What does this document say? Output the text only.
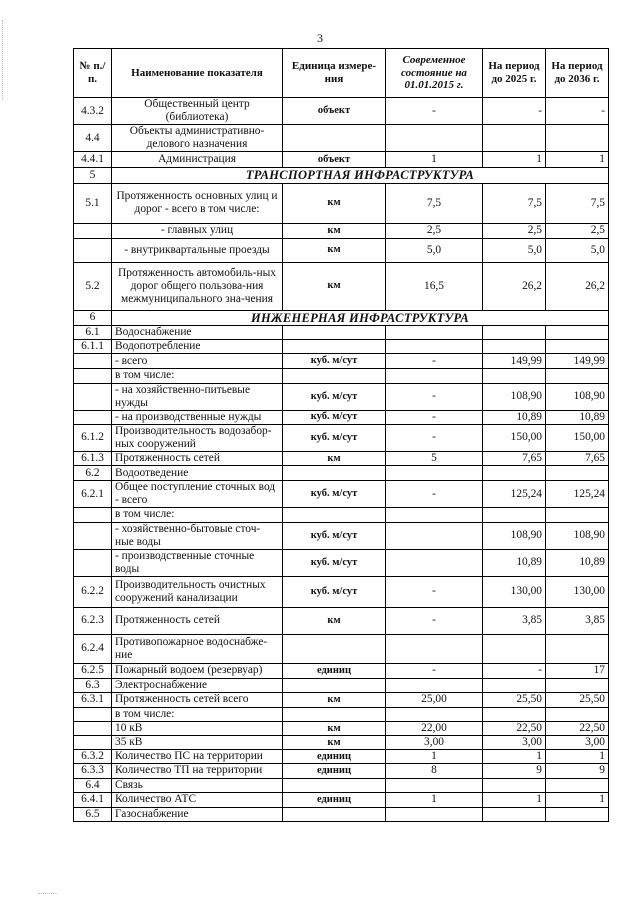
3
№ п./п.	Наименование показателя	Единица измере-ния	Современное состояние на 01.01.2015 г.	На период до 2025 г.	На период до 2036 г.
4.3.2	Общественный центр (библиотека)	объект	-	-	-
4.4	Объекты административно-делового назначения				
4.4.1	Администрация	объект	1	1	1
5	ТРАНСПОРТНАЯ ИНФРАСТРУКТУРА				
5.1	Протяженность основных улиц и дорог - всего в том числе:	км	7,5	7,5	7,5
	- главных улиц	км	2,5	2,5	2,5
	- внутриквартальные проезды	км	5,0	5,0	5,0
5.2	Протяженность автомобиль-ных дорог общего пользова-ния межмуниципального зна-чения	км	16,5	26,2	26,2
6	ИНЖЕНЕРНАЯ ИНФРАСТРУКТУРА				
6.1	Водоснабжение				
6.1.1	Водопотребление				
	- всего	куб. м/сут	-	149,99	149,99
	в том числе:				
	- на хозяйственно-питьевые нужды	куб. м/сут	-	108,90	108,90
	- на производственные нужды	куб. м/сут	-	10,89	10,89
6.1.2	Производительность водозабор-ных сооружений	куб. м/сут	-	150,00	150,00
6.1.3	Протяженность сетей	км	5	7,65	7,65
6.2	Водоотведение				
6.2.1	Общее поступление сточных вод - всего	куб. м/сут	-	125,24	125,24
	в том числе:				
	- хозяйственно-бытовые сточ-ные воды	куб. м/сут		108,90	108,90
	- производственные сточные воды	куб. м/сут		10,89	10,89
6.2.2	Производительность очистных сооружений канализации	куб. м/сут	-	130,00	130,00
6.2.3	Протяженность сетей	км	-	3,85	3,85
6.2.4	Противопожарное водоснабже-ние				
6.2.5	Пожарный водоем (резервуар)	единиц	-	-	17
6.3	Электроснабжение				
6.3.1	Протяженность сетей всего	км	25,00	25,50	25,50
	в том числе:				
	10 кВ	км	22,00	22,50	22,50
	35 кВ	км	3,00	3,00	3,00
6.3.2	Количество ПС на территории	единиц	1	1	1
6.3.3	Количество ТП на территории	единиц	8	9	9
6.4	Связь				
6.4.1	Количество АТС	единиц	1	1	1
6.5	Газоснабжение				
